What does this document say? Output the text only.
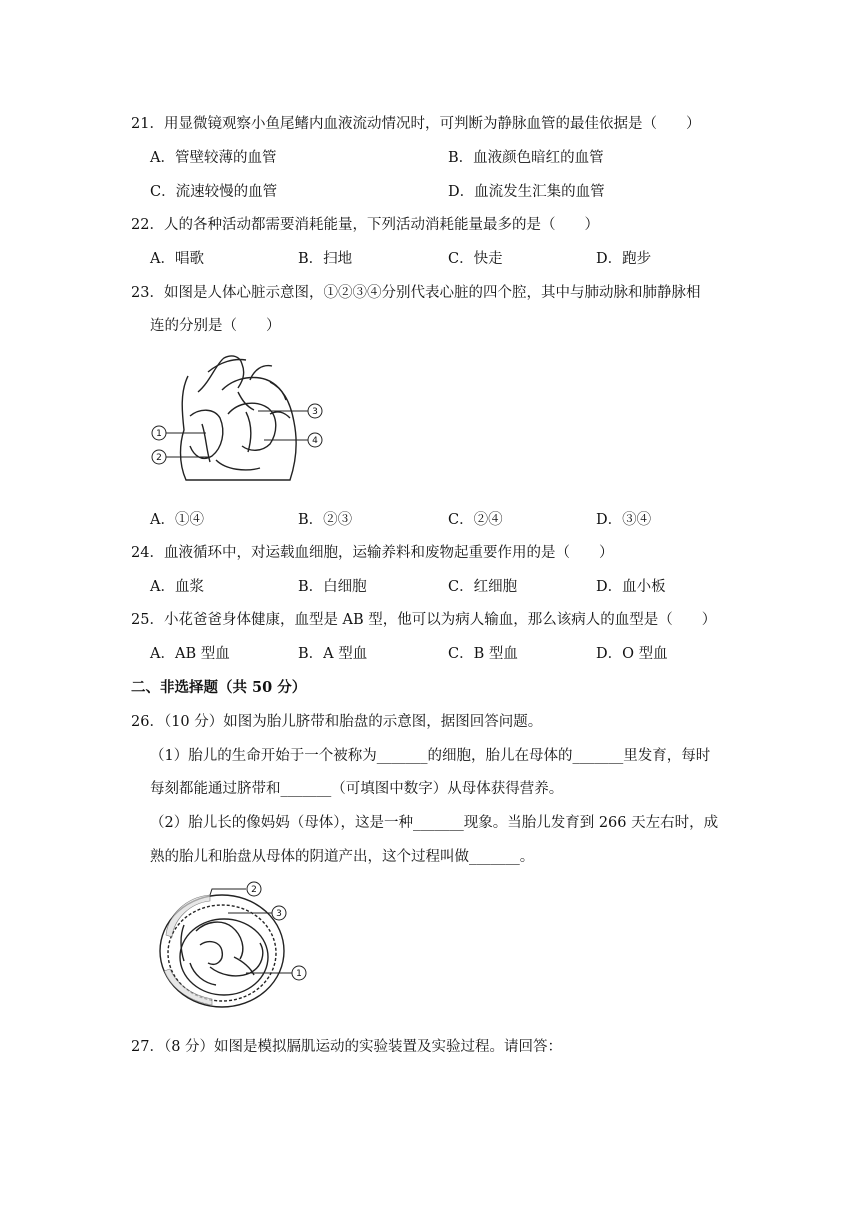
21．用显微镜观察小鱼尾鳍内血液流动情况时，可判断为静脉血管的最佳依据是（　　）
A．管壁较薄的血管	B．血液颜色暗红的血管
C．流速较慢的血管	D．血流发生汇集的血管
22．人的各种活动都需要消耗能量，下列活动消耗能量最多的是（　　）
A．唱歌	B．扫地	C．快走	D．跑步
23．如图是人体心脏示意图，①②③④分别代表心脏的四个腔，其中与肺动脉和肺静脉相
连的分别是（　　）
1
2
3
4
A．①④	B．②③	C．②④	D．③④
24．血液循环中，对运载血细胞，运输养料和废物起重要作用的是（　　）
A．血浆	B．白细胞	C．红细胞	D．血小板
25．小花爸爸身体健康，血型是 AB 型，他可以为病人输血，那么该病人的血型是（　　）
A．AB 型血	B．A 型血	C．B 型血	D．O 型血
二、非选择题（共 50 分）
26．（10 分）如图为胎儿脐带和胎盘的示意图，据图回答问题。
（1）胎儿的生命开始于一个被称为_______的细胞，胎儿在母体的_______里发育，每时
每刻都能通过脐带和_______（可填图中数字）从母体获得营养。
（2）胎儿长的像妈妈（母体），这是一种_______现象。当胎儿发育到 266 天左右时，成
熟的胎儿和胎盘从母体的阴道产出，这个过程叫做_______。
2
3
1
27．（8 分）如图是模拟膈肌运动的实验装置及实验过程。请回答：
